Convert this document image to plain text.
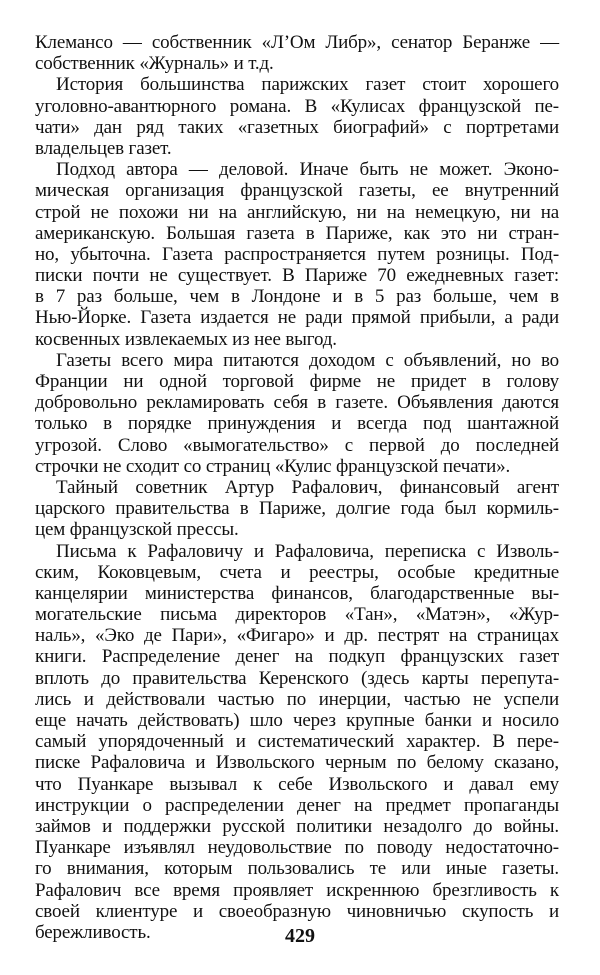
Клемансо — собственник «Л’Ом Либр», сенатор Беранже —
собственник «Журналь» и т.д.
История большинства парижских газет стоит хорошего
уголовно-авантюрного романа. В «Кулисах французской пе-
чати» дан ряд таких «газетных биографий» с портретами
владельцев газет.
Подход автора — деловой. Иначе быть не может. Эконо-
мическая организация французской газеты, ее внутренний
строй не похожи ни на английскую, ни на немецкую, ни на
американскую. Большая газета в Париже, как это ни стран-
но, убыточна. Газета распространяется путем розницы. Под-
писки почти не существует. В Париже 70 ежедневных газет:
в 7 раз больше, чем в Лондоне и в 5 раз больше, чем в
Нью-Йорке. Газета издается не ради прямой прибыли, а ради
косвенных извлекаемых из нее выгод.
Газеты всего мира питаются доходом с объявлений, но во
Франции ни одной торговой фирме не придет в голову
добровольно рекламировать себя в газете. Объявления даются
только в порядке принуждения и всегда под шантажной
угрозой. Слово «вымогательство» с первой до последней
строчки не сходит со страниц «Кулис французской печати».
Тайный советник Артур Рафалович, финансовый агент
царского правительства в Париже, долгие года был кормиль-
цем французской прессы.
Письма к Рафаловичу и Рафаловича, переписка с Изволь-
ским, Коковцевым, счета и реестры, особые кредитные
канцелярии министерства финансов, благодарственные вы-
могательские письма директоров «Тан», «Матэн», «Жур-
наль», «Эко де Пари», «Фигаро» и др. пестрят на страницах
книги. Распределение денег на подкуп французских газет
вплоть до правительства Керенского (здесь карты перепута-
лись и действовали частью по инерции, частью не успели
еще начать действовать) шло через крупные банки и носило
самый упорядоченный и систематический характер. В пере-
писке Рафаловича и Извольского черным по белому сказано,
что Пуанкаре вызывал к себе Извольского и давал ему
инструкции о распределении денег на предмет пропаганды
займов и поддержки русской политики незадолго до войны.
Пуанкаре изъявлял неудовольствие по поводу недостаточно-
го внимания, которым пользовались те или иные газеты.
Рафалович все время проявляет искреннюю брезгливость к
своей клиентуре и своеобразную чиновничью скупость и
бережливость.	429
